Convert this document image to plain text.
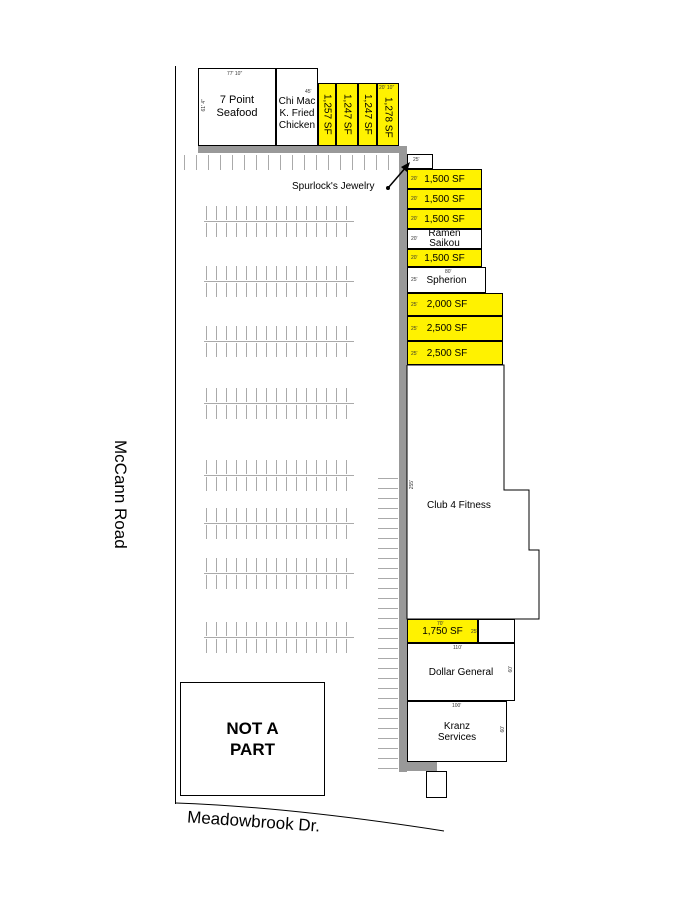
McCann Road
Meadowbrook Dr.
7 Point
Seafood
77' 10"
61' 4"	Chi Mac
K. Fried
Chicken
45'
1,257 SF 1,247 SF 1,247 SF 1,278 SF
20' 10"
25'
Spurlock's Jewelry
1,500 SF
20'
1,500 SF
20'
1,500 SF
20'
Ramen
Saikou
20'
1,500 SF
20'
Spherion
80'
25'
2,000 SF
25'
2,500 SF
25'
2,500 SF
25'
Club 4 Fitness
255'
1,750 SF
70'
25'
Dollar General
110'
60'
Kranz
Services
100'
60'
NOT A
PART
